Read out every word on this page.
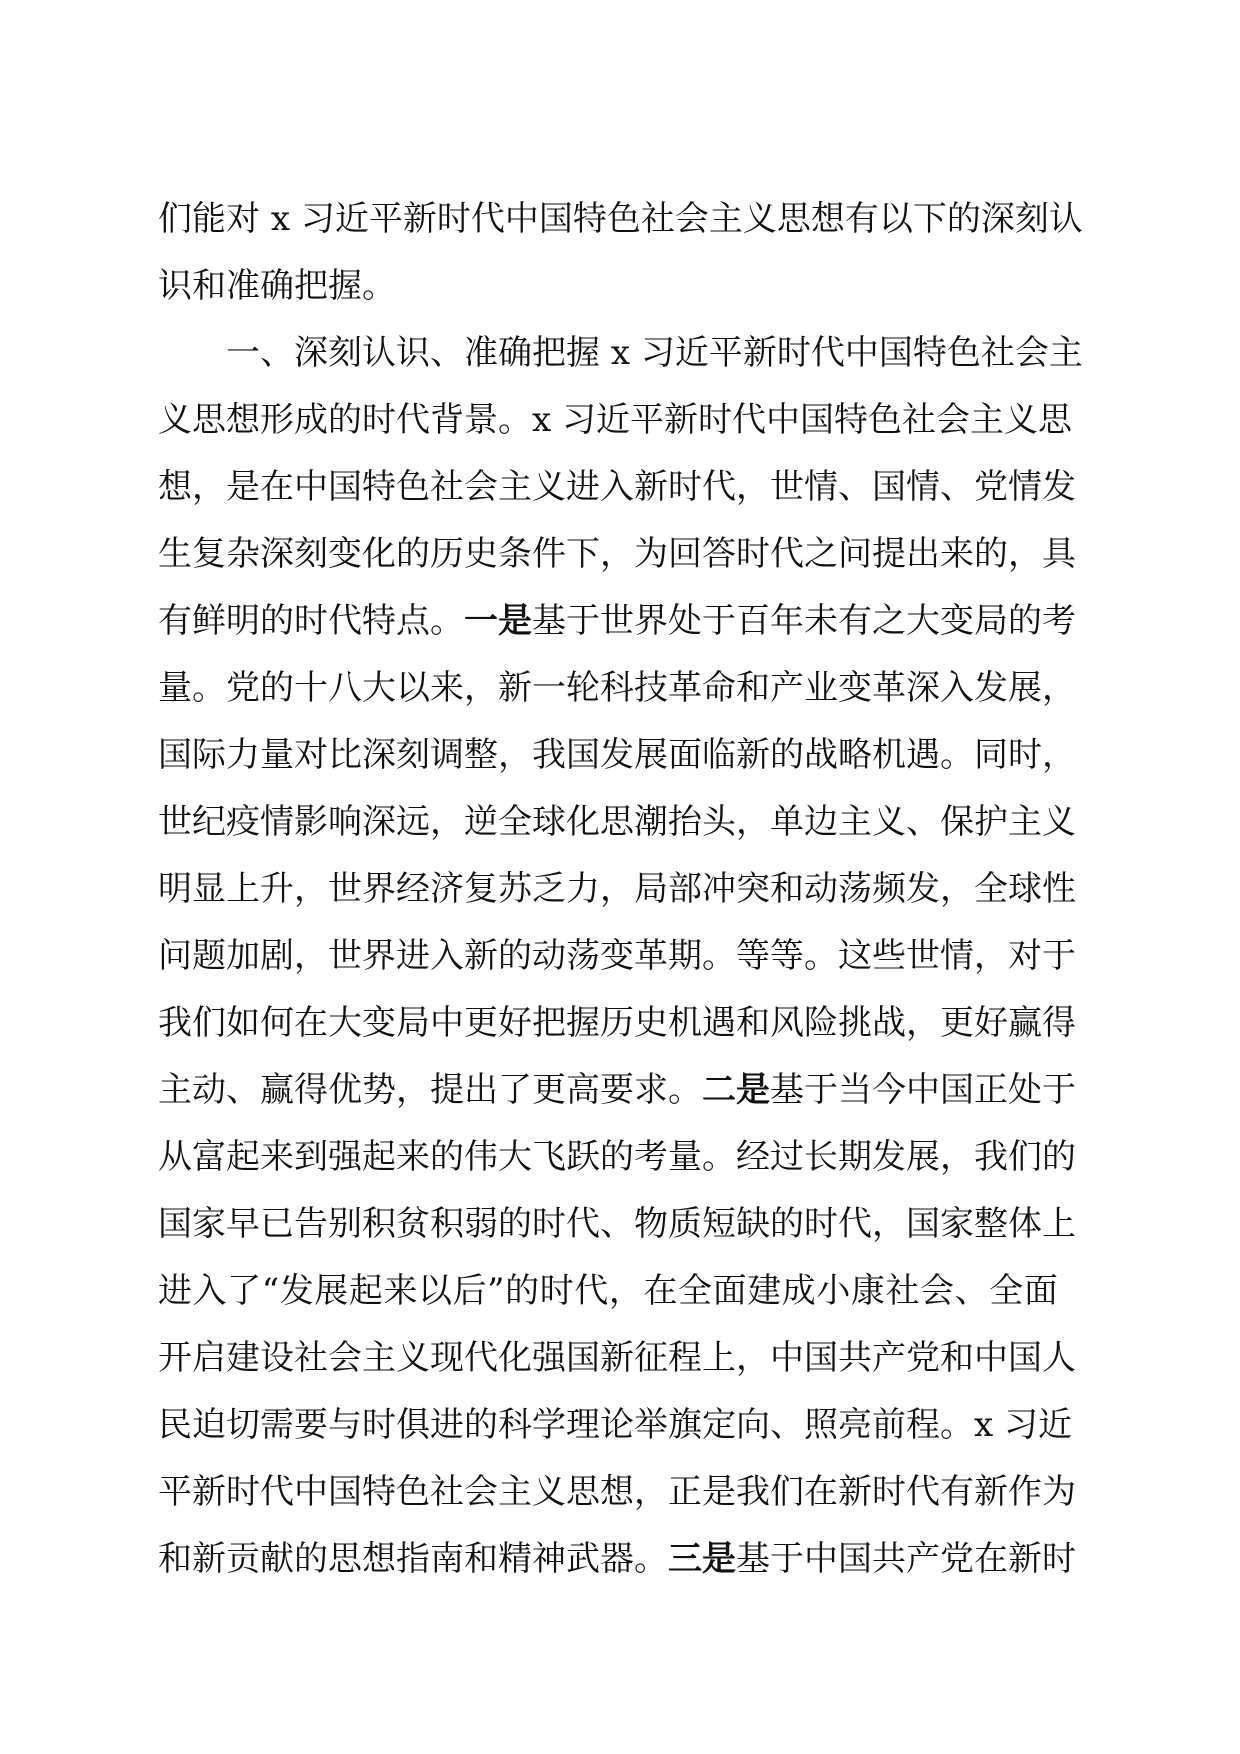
们 能 对
x
习 近 平 新 时 代 中 国 特 色 社 会 主 义 思 想 有 以 下 的 深 刻 认
识 和 准 确 把 握 。
一 、 深 刻 认 识 、 准 确 把 握
x
习 近 平 新 时 代 中 国 特 色 社 会 主
义 思 想 形 成 的 时 代 背 景 。 x
习 近 平 新 时 代 中 国 特 色 社 会 主 义 思
想 ， 是 在 中 国 特 色 社 会 主 义 进 入 新 时 代 ， 世 情 、 国 情 、 党 情 发
生 复 杂 深 刻 变 化 的 历 史 条 件 下 ， 为 回 答 时 代 之 问 提 出 来 的 ， 具
有 鲜 明 的 时 代 特 点 。 一 是 基 于 世 界 处 于 百 年 未 有 之 大 变 局 的 考
量 。 党 的 十 八 大 以 来 ， 新 一 轮 科 技 革 命 和 产 业 变 革 深 入 发 展 ，
国 际 力 量 对 比 深 刻 调 整 ， 我 国 发 展 面 临 新 的 战 略 机 遇 。 同 时 ，
世 纪 疫 情 影 响 深 远 ， 逆 全 球 化 思 潮 抬 头 ， 单 边 主 义 、 保 护 主 义
明 显 上 升 ， 世 界 经 济 复 苏 乏 力 ， 局 部 冲 突 和 动 荡 频 发 ， 全 球 性
问 题 加 剧 ， 世 界 进 入 新 的 动 荡 变 革 期 。 等 等 。 这 些 世 情 ， 对 于
我 们 如 何 在 大 变 局 中 更 好 把 握 历 史 机 遇 和 风 险 挑 战 ， 更 好 赢 得
主 动 、 赢 得 优 势 ， 提 出 了 更 高 要 求 。 二 是 基 于 当 今 中 国 正 处 于
从 富 起 来 到 强 起 来 的 伟 大 飞 跃 的 考 量 。 经 过 长 期 发 展 ， 我 们 的
国 家 早 已 告 别 积 贫 积 弱 的 时 代 、 物 质 短 缺 的 时 代 ， 国 家 整 体 上
进 入 了 “ 发 展 起 来 以 后 ” 的 时 代 ， 在 全 面 建 成 小 康 社 会 、 全 面
开 启 建 设 社 会 主 义 现 代 化 强 国 新 征 程 上 ， 中 国 共 产 党 和 中 国 人
民 迫 切 需 要 与 时 俱 进 的 科 学 理 论 举 旗 定 向 、 照 亮 前 程 。 x
习 近
平 新 时 代 中 国 特 色 社 会 主 义 思 想 ， 正 是 我 们 在 新 时 代 有 新 作 为
和 新 贡 献 的 思 想 指 南 和 精 神 武 器 。 三 是 基 于 中 国 共 产 党 在 新 时
